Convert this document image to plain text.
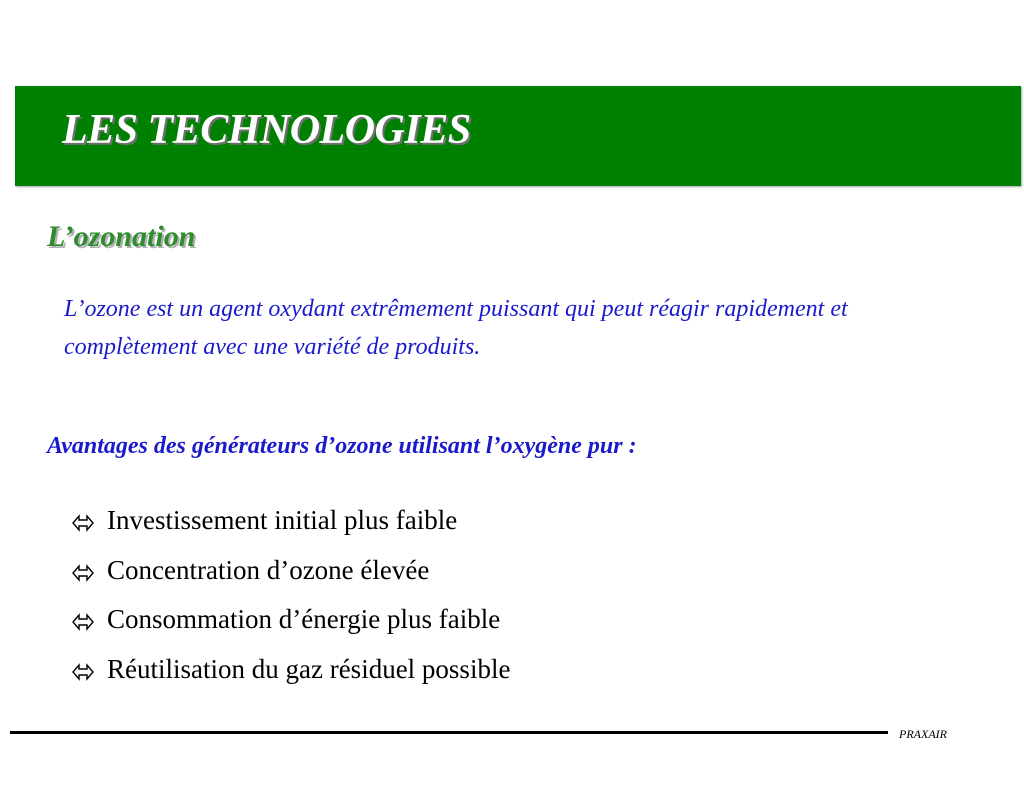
LES TECHNOLOGIES
L’ozonation

L’ozone est un agent oxydant extrêmement puissant qui peut réagir rapidement et complètement avec une variété de produits.

Avantages des générateurs d’ozone utilisant l’oxygène pur :
Investissement initial plus faible
Concentration d’ozone élevée
Consommation d’énergie plus faible
Réutilisation du gaz résiduel possible

PRAXAIR
